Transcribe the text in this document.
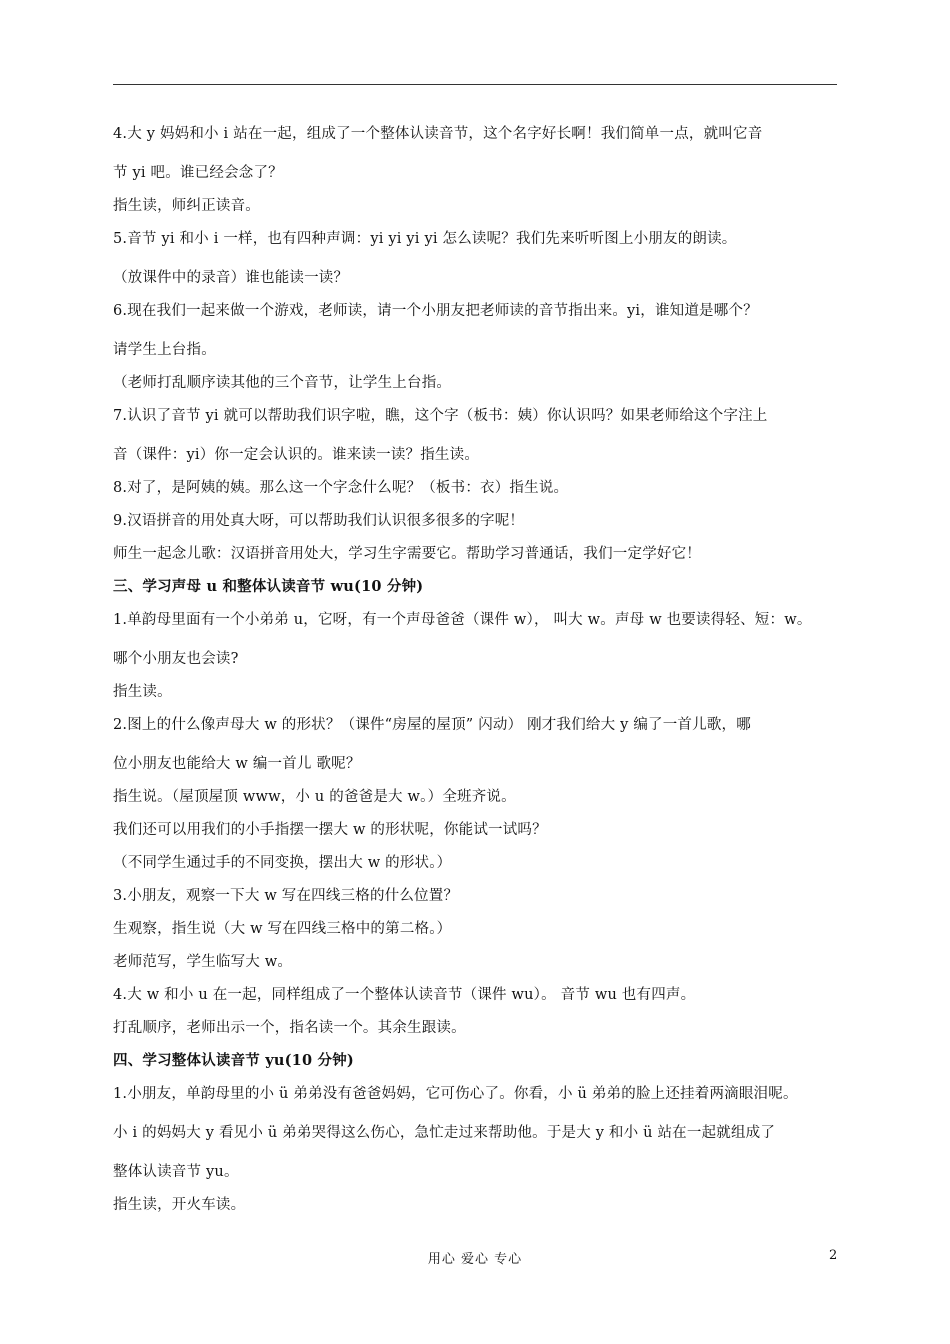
4.大 y 妈妈和小 i 站在一起，组成了一个整体认读音节，这个名字好长啊！我们简单一点，就叫它音
节 yi 吧。谁已经会念了？
指生读，师纠正读音。
5.音节 yi 和小 i 一样，也有四种声调：yi yi yi yi 怎么读呢？我们先来听听图上小朋友的朗读。
（放课件中的录音）谁也能读一读？
6.现在我们一起来做一个游戏，老师读，请一个小朋友把老师读的音节指出来。yi，谁知道是哪个？
请学生上台指。
（老师打乱顺序读其他的三个音节，让学生上台指。
7.认识了音节 yi 就可以帮助我们识字啦，瞧，这个字（板书：姨）你认识吗？如果老师给这个字注上
音（课件：yi）你一定会认识的。谁来读一读？指生读。
8.对了，是阿姨的姨。那么这一个字念什么呢？（板书：衣）指生说。
9.汉语拼音的用处真大呀，可以帮助我们认识很多很多的字呢！
师生一起念儿歌：汉语拼音用处大，学习生字需要它。帮助学习普通话，我们一定学好它！
三、学习声母 u 和整体认读音节 wu(10 分钟)
1.单韵母里面有一个小弟弟 u，它呀，有一个声母爸爸（课件 w）， 叫大 w。声母 w 也要读得轻、短：w。
哪个小朋友也会读?
指生读。
2.图上的什么像声母大 w 的形状？（课件“房屋的屋顶” 闪动） 刚才我们给大 y 编了一首儿歌，哪
位小朋友也能给大 w 编一首儿 歌呢？
指生说。（屋顶屋顶 www，小 u 的爸爸是大 w。）全班齐说。
我们还可以用我们的小手指摆一摆大 w 的形状呢，你能试一试吗？
（不同学生通过手的不同变换，摆出大 w 的形状。）
3.小朋友，观察一下大 w 写在四线三格的什么位置？
生观察，指生说（大 w 写在四线三格中的第二格。）
老师范写，学生临写大 w。
4.大 w 和小 u 在一起，同样组成了一个整体认读音节（课件 wu）。 音节 wu 也有四声。
打乱顺序，老师出示一个，指名读一个。其余生跟读。
四、学习整体认读音节 yu(10 分钟)
1.小朋友，单韵母里的小 ü 弟弟没有爸爸妈妈，它可伤心了。你看，小 ü 弟弟的脸上还挂着两滴眼泪呢。
小 i 的妈妈大 y 看见小 ü 弟弟哭得这么伤心，急忙走过来帮助他。于是大 y 和小 ü 站在一起就组成了
整体认读音节 yu。
指生读，开火车读。
用心 爱心 专心	2
